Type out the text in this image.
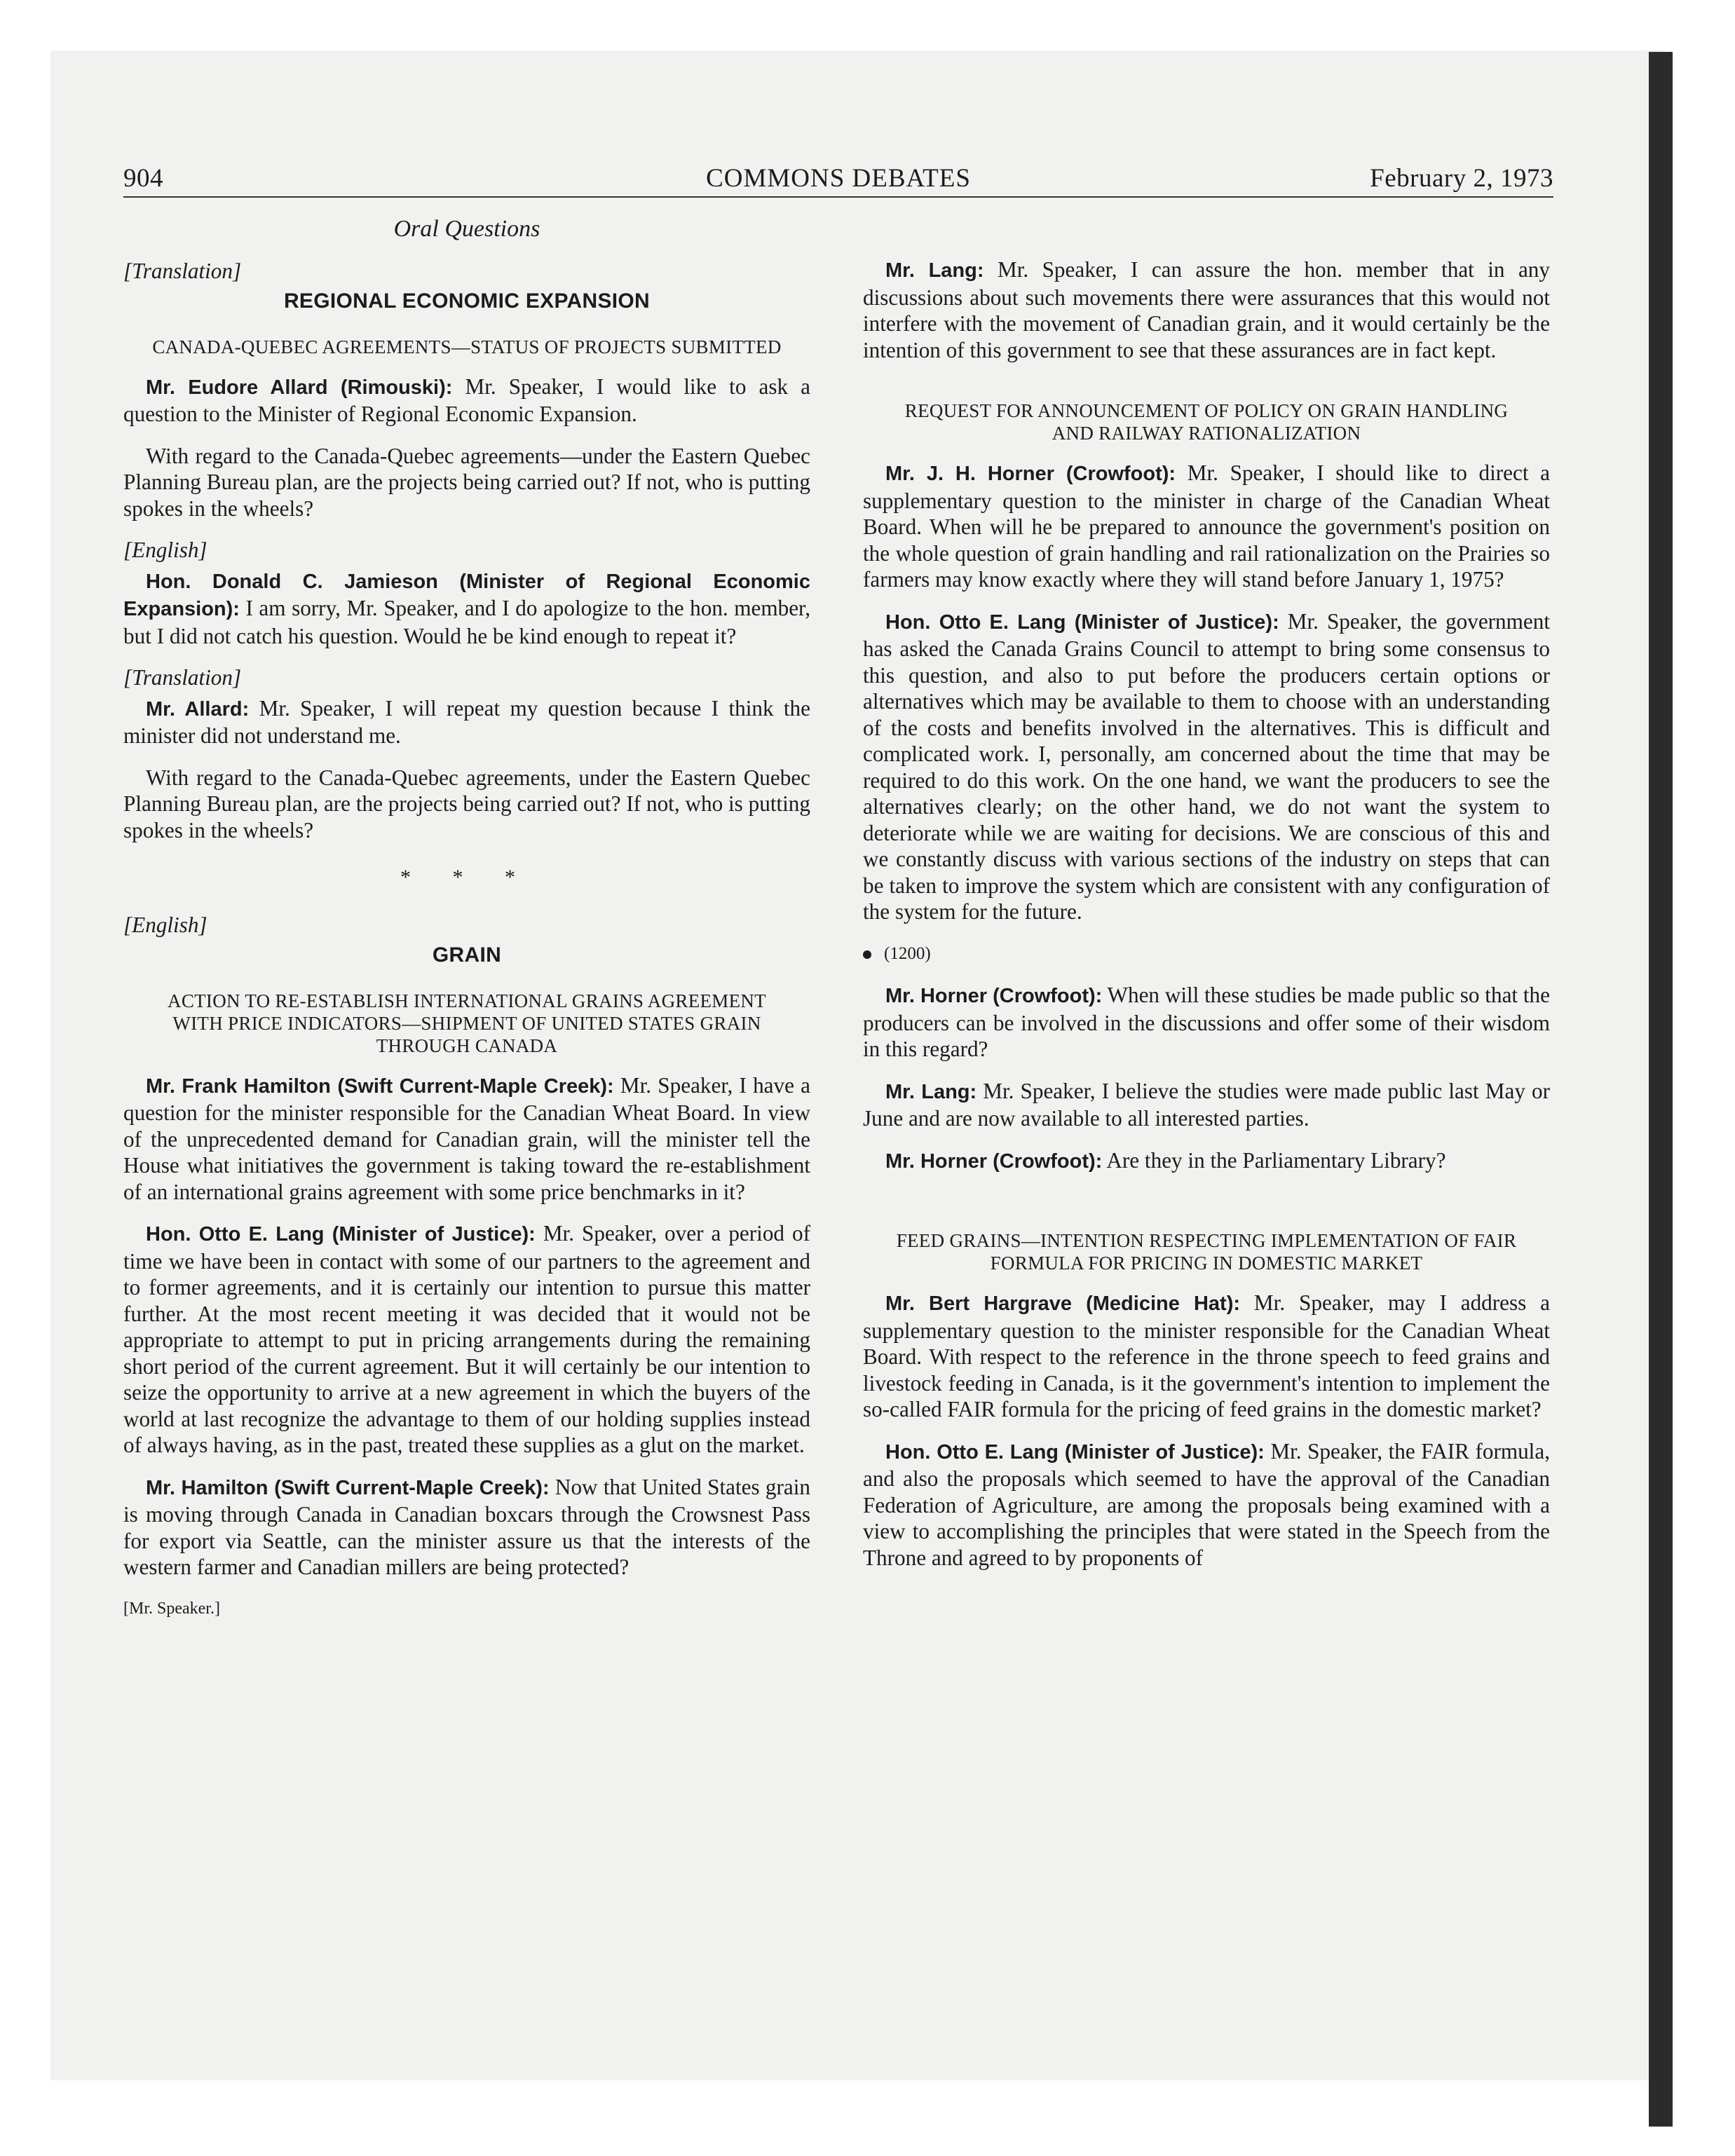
904	COMMONS DEBATES	February 2, 1973
Oral Questions
[Translation]
REGIONAL ECONOMIC EXPANSION
CANADA-QUEBEC AGREEMENTS—STATUS OF PROJECTS SUBMITTED

Mr. Eudore Allard (Rimouski): Mr. Speaker, I would like to ask a question to the Minister of Regional Economic Expansion.

With regard to the Canada-Quebec agreements—under the Eastern Quebec Planning Bureau plan, are the projects being carried out? If not, who is putting spokes in the wheels?

[English]

Hon. Donald C. Jamieson (Minister of Regional Economic Expansion): I am sorry, Mr. Speaker, and I do apologize to the hon. member, but I did not catch his question. Would he be kind enough to repeat it?

[Translation]

Mr. Allard: Mr. Speaker, I will repeat my question because I think the minister did not understand me.

With regard to the Canada-Quebec agreements, under the Eastern Quebec Planning Bureau plan, are the projects being carried out? If not, who is putting spokes in the wheels?

* * *
[English]
GRAIN
ACTION TO RE-ESTABLISH INTERNATIONAL GRAINS AGREEMENT WITH PRICE INDICATORS—SHIPMENT OF UNITED STATES GRAIN THROUGH CANADA

Mr. Frank Hamilton (Swift Current-Maple Creek): Mr. Speaker, I have a question for the minister responsible for the Canadian Wheat Board. In view of the unprecedented demand for Canadian grain, will the minister tell the House what initiatives the government is taking toward the re-establishment of an international grains agreement with some price benchmarks in it?

Hon. Otto E. Lang (Minister of Justice): Mr. Speaker, over a period of time we have been in contact with some of our partners to the agreement and to former agreements, and it is certainly our intention to pursue this matter further. At the most recent meeting it was decided that it would not be appropriate to attempt to put in pricing arrangements during the remaining short period of the current agreement. But it will certainly be our intention to seize the opportunity to arrive at a new agreement in which the buyers of the world at last recognize the advantage to them of our holding supplies instead of always having, as in the past, treated these supplies as a glut on the market.

Mr. Hamilton (Swift Current-Maple Creek): Now that United States grain is moving through Canada in Canadian boxcars through the Crowsnest Pass for export via Seattle, can the minister assure us that the interests of the western farmer and Canadian millers are being protected?

[Mr. Speaker.]

Mr. Lang: Mr. Speaker, I can assure the hon. member that in any discussions about such movements there were assurances that this would not interfere with the movement of Canadian grain, and it would certainly be the intention of this government to see that these assurances are in fact kept.

REQUEST FOR ANNOUNCEMENT OF POLICY ON GRAIN HANDLING AND RAILWAY RATIONALIZATION

Mr. J. H. Horner (Crowfoot): Mr. Speaker, I should like to direct a supplementary question to the minister in charge of the Canadian Wheat Board. When will he be prepared to announce the government's position on the whole question of grain handling and rail rationalization on the Prairies so farmers may know exactly where they will stand before January 1, 1975?

Hon. Otto E. Lang (Minister of Justice): Mr. Speaker, the government has asked the Canada Grains Council to attempt to bring some consensus to this question, and also to put before the producers certain options or alternatives which may be available to them to choose with an understanding of the costs and benefits involved in the alternatives. This is difficult and complicated work. I, personally, am concerned about the time that may be required to do this work. On the one hand, we want the producers to see the alternatives clearly; on the other hand, we do not want the system to deteriorate while we are waiting for decisions. We are conscious of this and we constantly discuss with various sections of the industry on steps that can be taken to improve the system which are consistent with any configuration of the system for the future.

(1200)

Mr. Horner (Crowfoot): When will these studies be made public so that the producers can be involved in the discussions and offer some of their wisdom in this regard?

Mr. Lang: Mr. Speaker, I believe the studies were made public last May or June and are now available to all interested parties.

Mr. Horner (Crowfoot): Are they in the Parliamentary Library?

FEED GRAINS—INTENTION RESPECTING IMPLEMENTATION OF FAIR FORMULA FOR PRICING IN DOMESTIC MARKET

Mr. Bert Hargrave (Medicine Hat): Mr. Speaker, may I address a supplementary question to the minister responsible for the Canadian Wheat Board. With respect to the reference in the throne speech to feed grains and livestock feeding in Canada, is it the government's intention to implement the so-called FAIR formula for the pricing of feed grains in the domestic market?

Hon. Otto E. Lang (Minister of Justice): Mr. Speaker, the FAIR formula, and also the proposals which seemed to have the approval of the Canadian Federation of Agriculture, are among the proposals being examined with a view to accomplishing the principles that were stated in the Speech from the Throne and agreed to by proponents of
